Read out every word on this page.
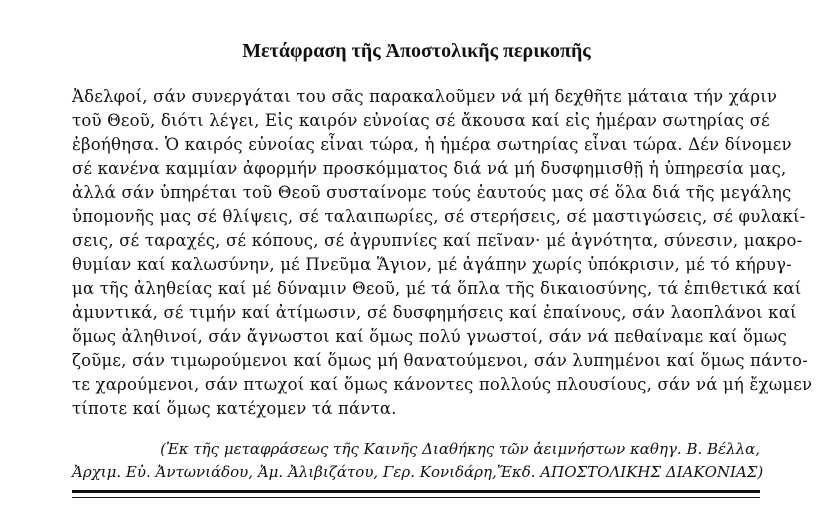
Μετάφραση τῆς Ἀποστολικῆς περικοπῆς
Ἀδελφοί, σάν συνεργάται του σᾶς παρακαλοῦμεν νά μή δεχθῆτε μάταια τήν χάριν
τοῦ Θεοῦ, διότι λέγει, Εἰς καιρόν εὐνοίας σέ ἄκουσα καί εἰς ἡμέραν σωτηρίας σέ
ἐβοήθησα. Ὁ καιρός εὐνοίας εἶναι τώρα, ἡ ἡμέρα σωτηρίας εἶναι τώρα. Δέν δίνομεν
σέ κανένα καμμίαν ἀφορμήν προσκόμματος διά νά μή δυσφημισθῇ ἡ ὑπηρεσία μας,
ἀλλά σάν ὑπηρέται τοῦ Θεοῦ συσταίνομε τούς ἑαυτούς μας σέ ὅλα διά τῆς μεγάλης
ὑπομονῆς μας σέ θλίψεις, σέ ταλαιπωρίες, σέ στερήσεις, σέ μαστιγώσεις, σέ φυλακί-
σεις, σέ ταραχές, σέ κόπους, σέ ἀγρυπνίες καί πεῖναν· μέ ἁγνότητα, σύνεσιν, μακρο-
θυμίαν καί καλωσύνην, μέ Πνεῦμα Ἅγιον, μέ ἀγάπην χωρίς ὑπόκρισιν, μέ τό κήρυγ-
μα τῆς ἀληθείας καί μέ δύναμιν Θεοῦ, μέ τά ὅπλα τῆς δικαιοσύνης, τά ἐπιθετικά καί
ἀμυντικά, σέ τιμήν καί ἀτίμωσιν, σέ δυσφημήσεις καί ἐπαίνους, σάν λαοπλάνοι καί
ὅμως ἀληθινοί, σάν ἄγνωστοι καί ὅμως πολύ γνωστοί, σάν νά πεθαίναμε καί ὅμως
ζοῦμε, σάν τιμωρούμενοι καί ὅμως μή θανατούμενοι, σάν λυπημένοι καί ὅμως πάντο-
τε χαρούμενοι, σάν πτωχοί καί ὅμως κάνοντες πολλούς πλουσίους, σάν νά μή ἔχωμεν
τίποτε καί ὅμως κατέχομεν τά πάντα.
(Ἐκ τῆς μεταφράσεως τῆς Καινῆς Διαθήκης τῶν ἀειμνήστων καθηγ. Β. Βέλλα,
Ἀρχιμ. Εὐ. Ἀντωνιάδου, Ἀμ. Ἀλιβιζάτου, Γερ. Κονιδάρη,Ἔκδ. ΑΠΟΣΤΟΛΙΚΗΣ ΔΙΑΚΟΝΙΑΣ)
